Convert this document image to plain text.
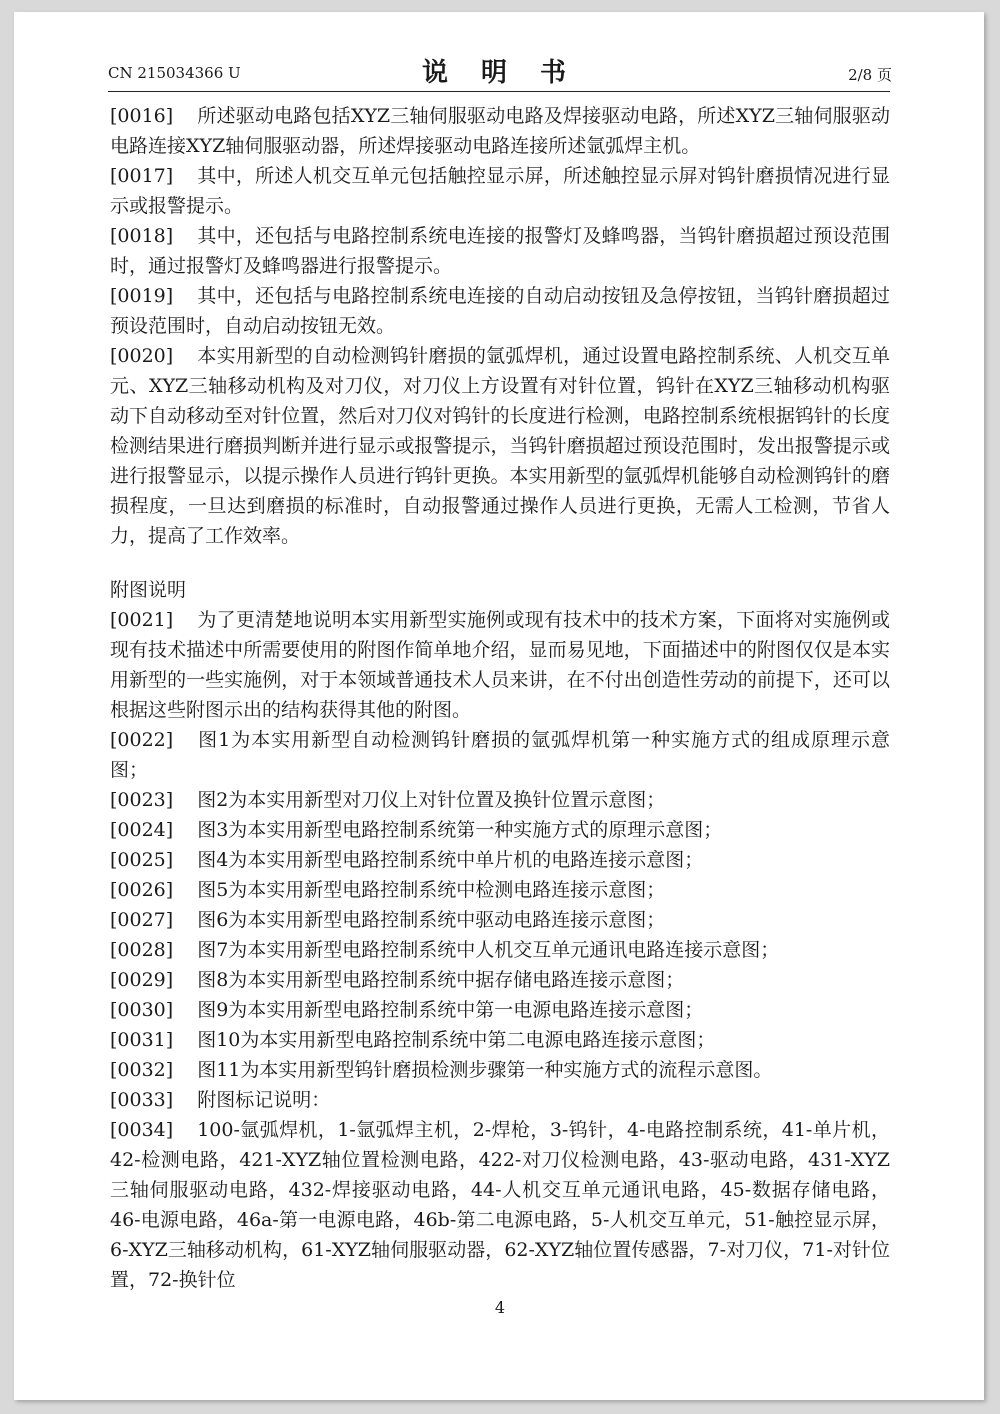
CN 215034366 U	说 明 书	2/8 页
[0016] 所述驱动电路包括XYZ三轴伺服驱动电路及焊接驱动电路，所述XYZ三轴伺服驱动电路连接XYZ轴伺服驱动器，所述焊接驱动电路连接所述氩弧焊主机。
[0017] 其中，所述人机交互单元包括触控显示屏，所述触控显示屏对钨针磨损情况进行显示或报警提示。
[0018] 其中，还包括与电路控制系统电连接的报警灯及蜂鸣器，当钨针磨损超过预设范围时，通过报警灯及蜂鸣器进行报警提示。
[0019] 其中，还包括与电路控制系统电连接的自动启动按钮及急停按钮，当钨针磨损超过预设范围时，自动启动按钮无效。
[0020] 本实用新型的自动检测钨针磨损的氩弧焊机，通过设置电路控制系统、人机交互单元、XYZ三轴移动机构及对刀仪，对刀仪上方设置有对针位置，钨针在XYZ三轴移动机构驱动下自动移动至对针位置，然后对刀仪对钨针的长度进行检测，电路控制系统根据钨针的长度检测结果进行磨损判断并进行显示或报警提示，当钨针磨损超过预设范围时，发出报警提示或进行报警显示，以提示操作人员进行钨针更换。本实用新型的氩弧焊机能够自动检测钨针的磨损程度，一旦达到磨损的标准时，自动报警通过操作人员进行更换，无需人工检测，节省人力，提高了工作效率。
附图说明
[0021] 为了更清楚地说明本实用新型实施例或现有技术中的技术方案，下面将对实施例或现有技术描述中所需要使用的附图作简单地介绍，显而易见地，下面描述中的附图仅仅是本实用新型的一些实施例，对于本领域普通技术人员来讲，在不付出创造性劳动的前提下，还可以根据这些附图示出的结构获得其他的附图。
[0022] 图1为本实用新型自动检测钨针磨损的氩弧焊机第一种实施方式的组成原理示意图；
[0023] 图2为本实用新型对刀仪上对针位置及换针位置示意图；
[0024] 图3为本实用新型电路控制系统第一种实施方式的原理示意图；
[0025] 图4为本实用新型电路控制系统中单片机的电路连接示意图；
[0026] 图5为本实用新型电路控制系统中检测电路连接示意图；
[0027] 图6为本实用新型电路控制系统中驱动电路连接示意图；
[0028] 图7为本实用新型电路控制系统中人机交互单元通讯电路连接示意图；
[0029] 图8为本实用新型电路控制系统中据存储电路连接示意图；
[0030] 图9为本实用新型电路控制系统中第一电源电路连接示意图；
[0031] 图10为本实用新型电路控制系统中第二电源电路连接示意图；
[0032] 图11为本实用新型钨针磨损检测步骤第一种实施方式的流程示意图。
[0033] 附图标记说明：
[0034] 100-氩弧焊机，1-氩弧焊主机，2-焊枪，3-钨针，4-电路控制系统，41-单片机，42-检测电路，421-XYZ轴位置检测电路，422-对刀仪检测电路，43-驱动电路，431-XYZ三轴伺服驱动电路，432-焊接驱动电路，44-人机交互单元通讯电路，45-数据存储电路，46-电源电路，46a-第一电源电路，46b-第二电源电路，5-人机交互单元，51-触控显示屏，6-XYZ三轴移动机构，61-XYZ轴伺服驱动器，62-XYZ轴位置传感器，7-对刀仪，71-对针位置，72-换针位
4
